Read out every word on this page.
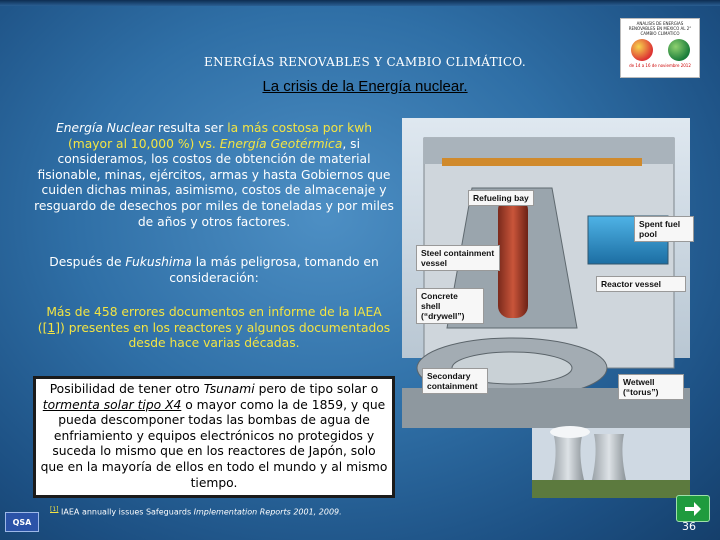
ENERGÍAS RENOVABLES Y CAMBIO CLIMÁTICO.
La crisis de la Energía nuclear.
ANALISIS DE ENERGIAS RENOVABLES EN MEXICO AL 2° CAMBIO CLIMATICO
de 14 a 16 de noviembre 2012
Energía Nuclear resulta ser la más costosa por kwh (mayor al 10,000 %) vs. Energía Geotérmica, si consideramos, los costos de obtención de material fisionable, minas, ejércitos, armas y hasta Gobiernos que cuiden dichas minas, asimismo, costos de almacenaje y resguardo de desechos por miles de toneladas y por miles de años y otros factores.
Después de Fukushima la más peligrosa, tomando en consideración:
Más de 458 errores documentos en informe de la IAEA ([1]) presentes en los reactores y algunos documentados desde hace varias décadas.
Posibilidad de tener otro Tsunami pero de tipo solar o tormenta solar tipo X4 o mayor como la de 1859, y que pueda descomponer todas las bombas de agua de enfriamiento y equipos electrónicos no protegidos y suceda lo mismo que en los reactores de Japón, solo que en la mayoría de ellos en todo el mundo y al mismo tiempo.
[1] IAEA annually issues Safeguards Implementation Reports 2001, 2009.
Refueling bay
Spent fuel pool
Steel containment vessel
Concrete shell (“drywell”)
Reactor vessel
Secondary containment	Wetwell (“torus”)
QSA	36
